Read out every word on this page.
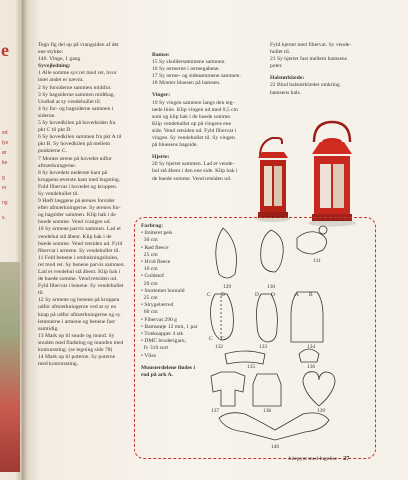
e
ed
lys
ør
ke
g
er
ng
s.
Tegn fig del op på vrangsiden af det
ene stykke:
140. Vinge, 1 gang
Syvejledning:
1 Alle somme sys ret mod ret, hvor
intet andet er nævnt.
2 Sy forsiderne sammen midtfor.
3 Sy bagsiderne sammen midtbag.
Undlad at sy vendehullet til.
4 Sy for- og bagsiderne sammen i
siderne.
5 Sy hovedkilen på hovedsiden fra
pkt C til pkt D.
6 Sy hovedkilen sammen fra pkt A til
pkt B. Sy hovedkilen på mellem
punkterne C.
7 Monter ørene på hovedet udfor
afmærkningerne.
8 Sy hovedets nederste kant på
kroppens øverste kant med bugsting.
Fold fibervat i hovedet og kroppen.
Sy vendehullet til.
9 Hæft læggene på ørenes forsider
efter afmærkningerne. Sy ørenes for-
og bagsider sammen. Klip hak i de
buede somme. Vend vrangen ud.
10 Sy armene parvis sammen. Lad et
vendehul stå åbent. Klip hak i de
buede somme. Vend retsiden ud. Fyld
fibervat i armene. Sy vendehullet til.
11 Fold benene i ombukningslinien,
ret mod ret. Sy benene parvis sammen.
Lad et vendehul stå åbent. Klip hak i
de buede somme. Vend retsiden ud.
Fyld fibervat i benene. Sy vendehullet
til.
12 Sy armene og benene på kroppen
udfor afmærkningerne ved at sy en
knap på udfor afmærkningerne og sy
lemmerne i armene og benene fast
samtidig.
13 Mark op til snude og mund. Sy
snuden med fladsting og munden med
konturssting. (se tegning side 78)
14 Mark op til poterne. Sy poterne
med konturssting.
Bamse:
15 Sy skuldersømmene sammen.
16 Sy ærmerne i ærmegabene.
17 Sy ærme- og sidesømmene sammen.
18 Monter bluesen på bamsen.
Vinger:
19 Sy vingen sammen langs den teg-
nede linie. Klip vingen ud med 0,5 cm
som og klip hak i de buede somme.
Klip vendehullet op på vingens ene
side. Vend retsiden ud. Fyld fibervat i
vingen. Sy vendehullet til. Sy vingen
på bluesens bagside.
Hjerte:
20 Sy hjertet sammen. Lad et vende-
hul stå åbent i den ene side. Klip hak i
de buede somme. Vend retsiden ud.
Fyld hjertet med fibervat. Sy vende-
hullet til.
21 Sy hjertet fast mellem bamsens
poter.
Halstørklæde:
22 Bind halstørklædet omkring
bamsens hals.
Forbrug:
• Imiteret pels
30 cm
• Rød fleece
25 cm
• Hvid fleece
10 cm
• Guldstof
20 cm
• Stortemet bomuld
25 cm
• Strygelærred
60 cm
• Fibervat 290 g
• Bamseøje 12 mm, 1 par
• Træknapper 4 stk
• DMC broderigarn,
fv 310 sort
• Vlies
Monsterdelene findes i
rod på ark A.
129	130
131
132	133	134
135	136
137	138	139
140
C D	D D
C C
A B
Julepynt med Ingelise 27
